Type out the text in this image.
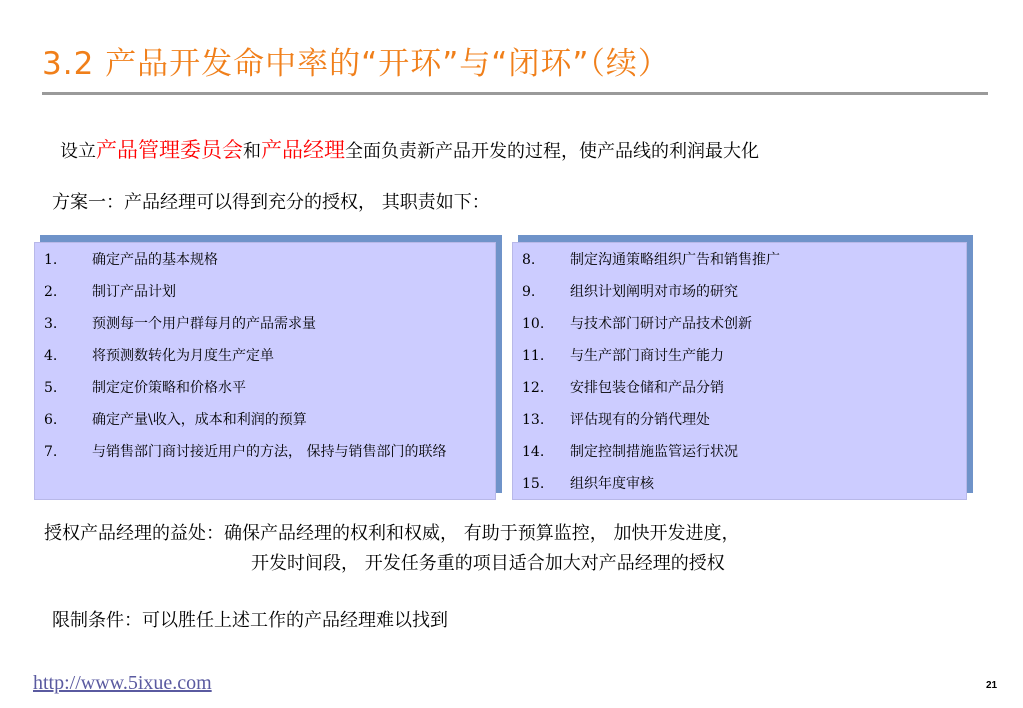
3.2 产品开发命中率的“开环”与“闭环”（续）
设立产品管理委员会和产品经理全面负责新产品开发的过程，使产品线的利润最大化
方案一：产品经理可以得到充分的授权， 其职责如下：
1. 确定产品的基本规格
2. 制订产品计划
3. 预测每一个用户群每月的产品需求量
4. 将预测数转化为月度生产定单
5. 制定定价策略和价格水平
6. 确定产量\收入，成本和利润的预算
7. 与销售部门商讨接近用户的方法， 保持与销售部门的联络
8. 制定沟通策略组织广告和销售推广
9. 组织计划阐明对市场的研究
10. 与技术部门研讨产品技术创新
11. 与生产部门商讨生产能力
12. 安排包装仓储和产品分销
13. 评估现有的分销代理处
14. 制定控制措施监管运行状况
15. 组织年度审核
授权产品经理的益处：确保产品经理的权利和权威， 有助于预算监控， 加快开发进度，
开发时间段， 开发任务重的项目适合加大对产品经理的授权
限制条件：可以胜任上述工作的产品经理难以找到
http://www.5ixue.com	21
